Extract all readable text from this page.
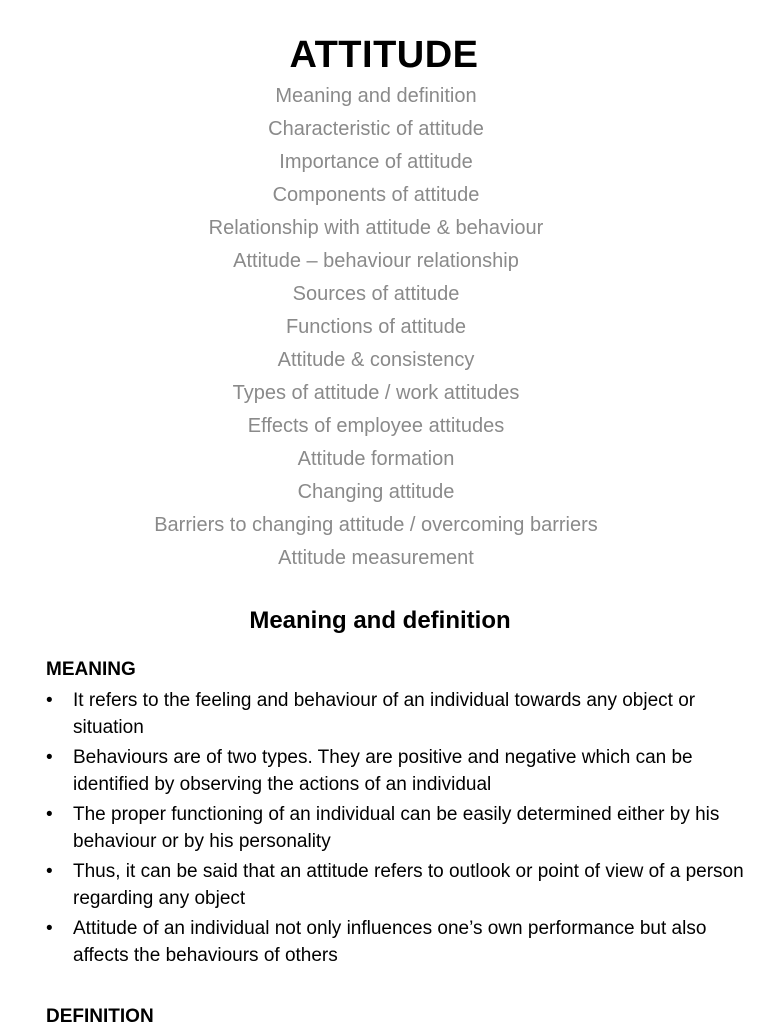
ATTITUDE
Meaning and definition
Characteristic of attitude
Importance of attitude
Components of attitude
Relationship with attitude & behaviour
Attitude – behaviour relationship
Sources of attitude
Functions of attitude
Attitude & consistency
Types of attitude / work attitudes
Effects of employee attitudes
Attitude formation
Changing attitude
Barriers to changing attitude / overcoming barriers
Attitude measurement
Meaning and definition
MEANING
• It refers to the feeling and behaviour of an individual towards any object or situation
• Behaviours are of two types. They are positive and negative which can be identified by observing the actions of an individual
• The proper functioning of an individual can be easily determined either by his behaviour or by his personality
• Thus, it can be said that an attitude refers to outlook or point of view of a person regarding any object
• Attitude of an individual not only influences one’s own performance but also affects the behaviours of others
DEFINITION
